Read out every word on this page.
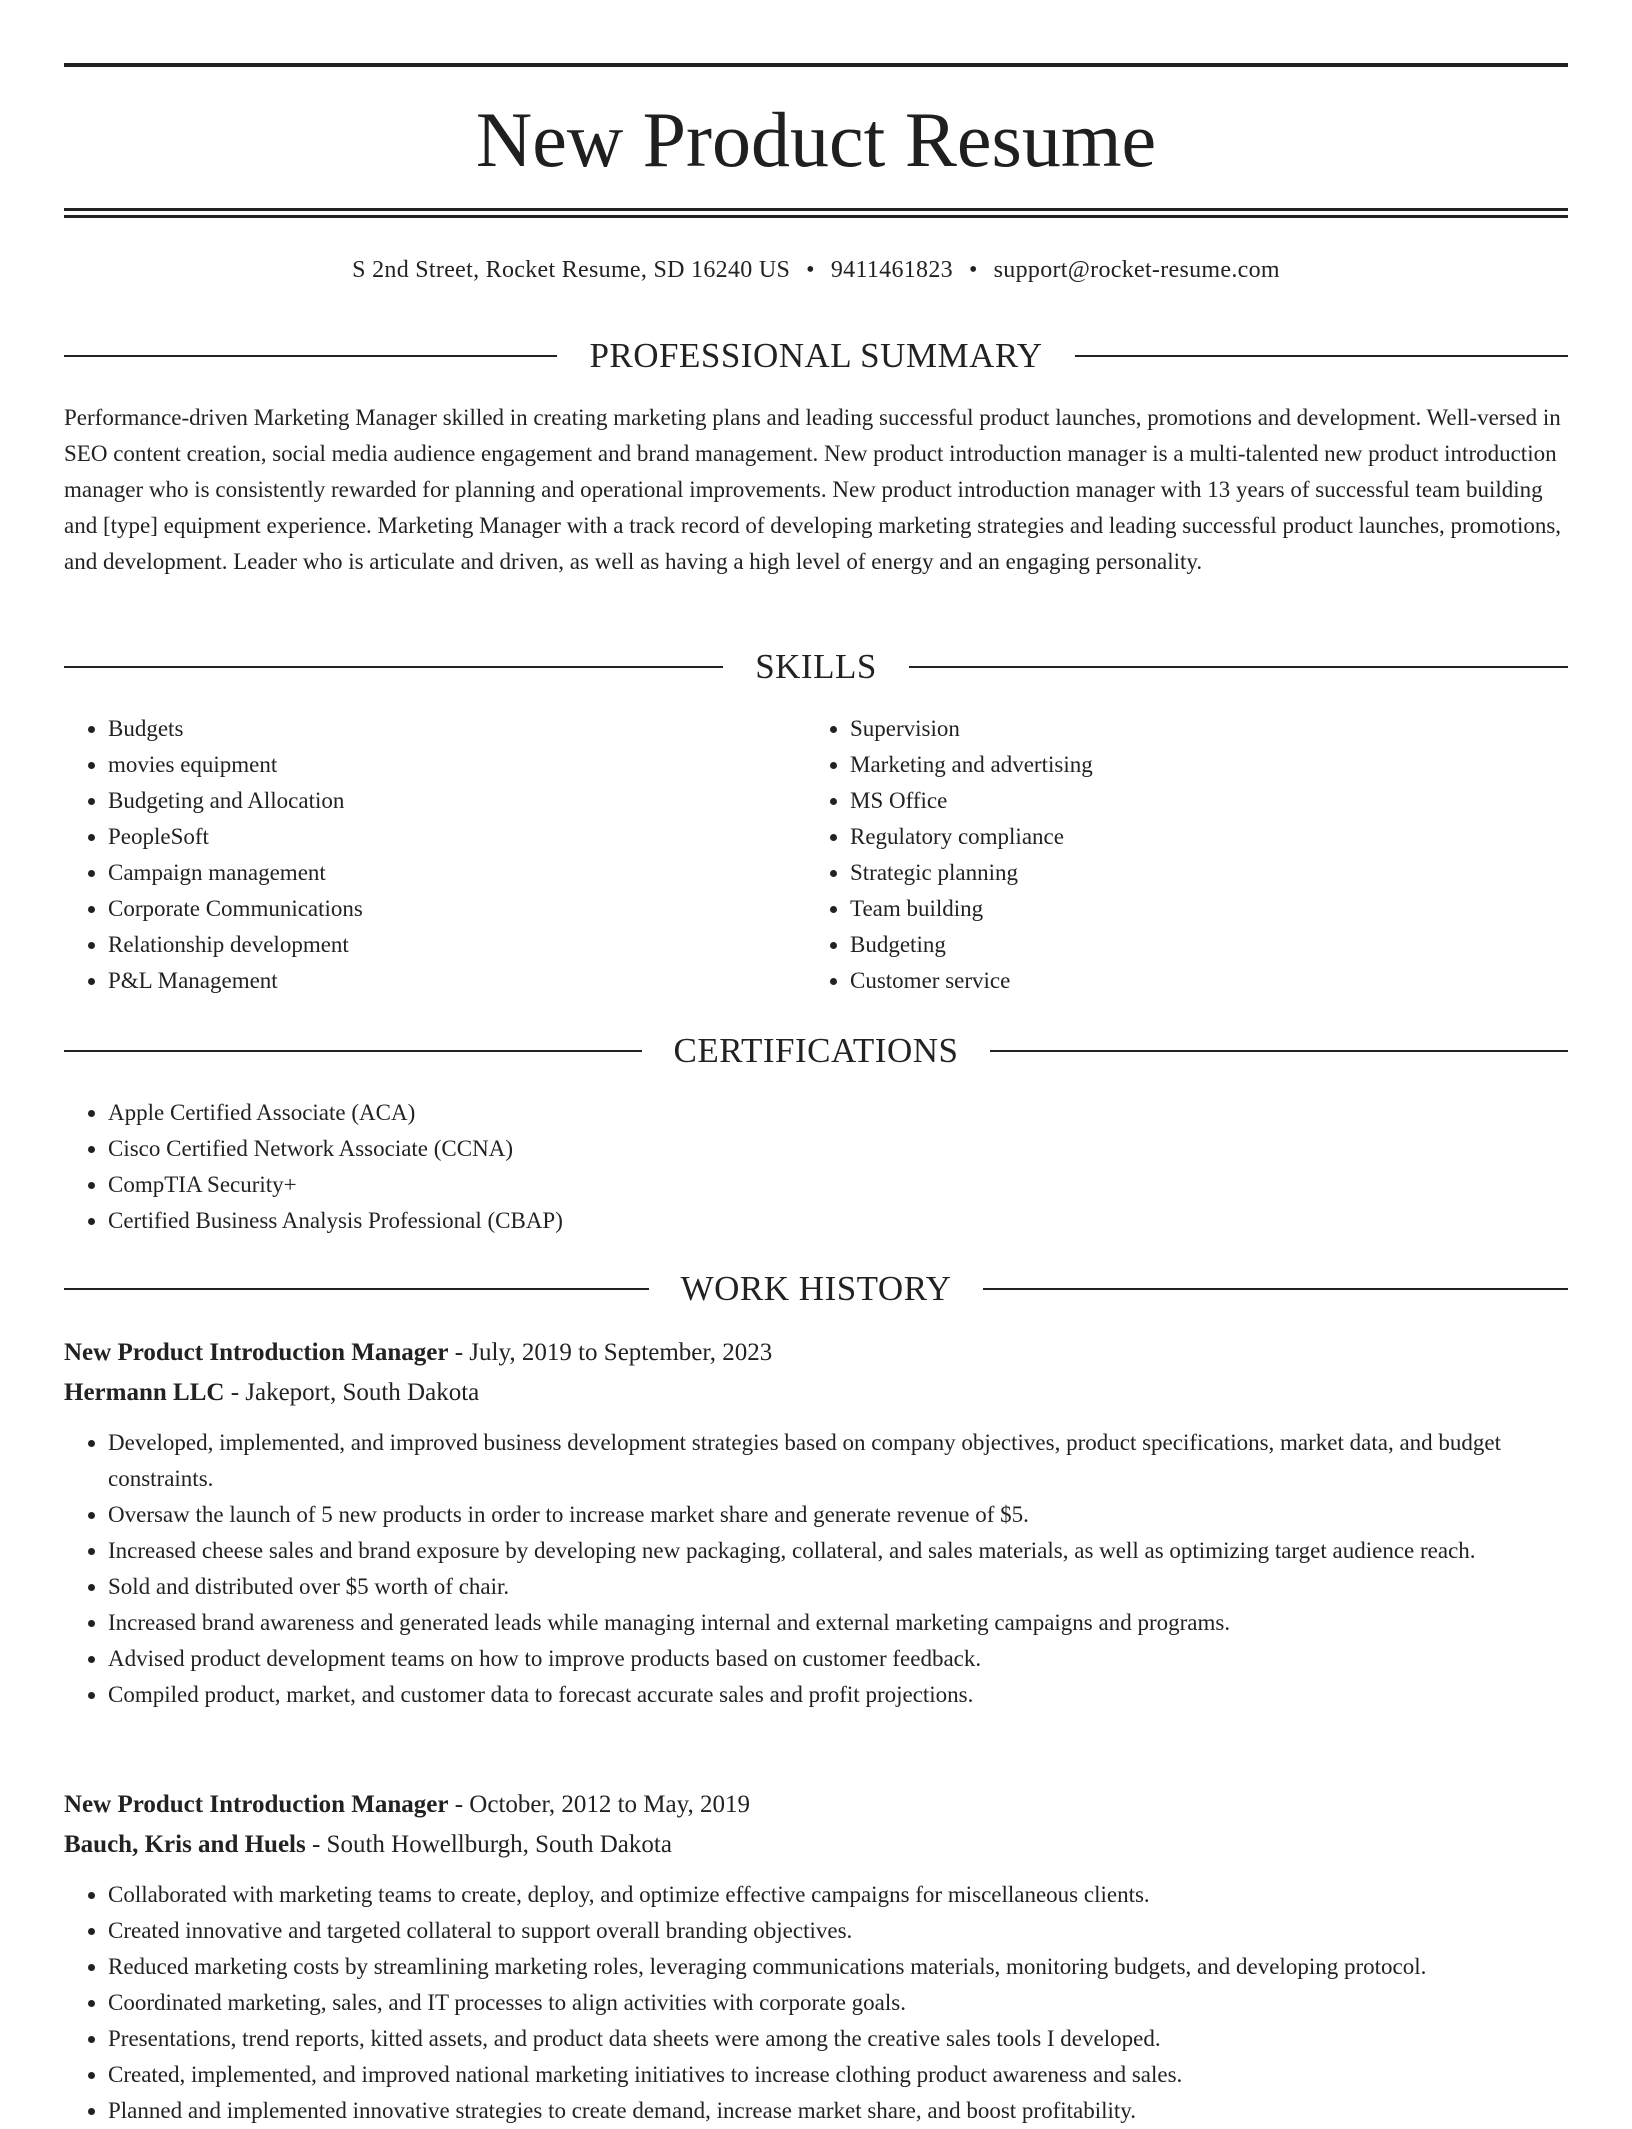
New Product Resume
S 2nd Street, Rocket Resume, SD 16240 US • 9411461823 • support@rocket-resume.com
PROFESSIONAL SUMMARY

Performance-driven Marketing Manager skilled in creating marketing plans and leading successful product launches, promotions and development. Well-versed in SEO content creation, social media audience engagement and brand management. New product introduction manager is a multi-talented new product introduction manager who is consistently rewarded for planning and operational improvements. New product introduction manager with 13 years of successful team building and [type] equipment experience. Marketing Manager with a track record of developing marketing strategies and leading successful product launches, promotions, and development. Leader who is articulate and driven, as well as having a high level of energy and an engaging personality.

SKILLS
• Budgets
• movies equipment
• Budgeting and Allocation
• PeopleSoft
• Campaign management
• Corporate Communications
• Relationship development
• P&L Management
• Supervision
• Marketing and advertising
• MS Office
• Regulatory compliance
• Strategic planning
• Team building
• Budgeting
• Customer service
CERTIFICATIONS
• Apple Certified Associate (ACA)
• Cisco Certified Network Associate (CCNA)
• CompTIA Security+
• Certified Business Analysis Professional (CBAP)
WORK HISTORY

New Product Introduction Manager - July, 2019 to September, 2023

Hermann LLC - Jakeport, South Dakota

• Developed, implemented, and improved business development strategies based on company objectives, product specifications, market data, and budget constraints.
• Oversaw the launch of 5 new products in order to increase market share and generate revenue of $5.
• Increased cheese sales and brand exposure by developing new packaging, collateral, and sales materials, as well as optimizing target audience reach.
• Sold and distributed over $5 worth of chair.
• Increased brand awareness and generated leads while managing internal and external marketing campaigns and programs.
• Advised product development teams on how to improve products based on customer feedback.
• Compiled product, market, and customer data to forecast accurate sales and profit projections.

New Product Introduction Manager - October, 2012 to May, 2019

Bauch, Kris and Huels - South Howellburgh, South Dakota

• Collaborated with marketing teams to create, deploy, and optimize effective campaigns for miscellaneous clients.
• Created innovative and targeted collateral to support overall branding objectives.
• Reduced marketing costs by streamlining marketing roles, leveraging communications materials, monitoring budgets, and developing protocol.
• Coordinated marketing, sales, and IT processes to align activities with corporate goals.
• Presentations, trend reports, kitted assets, and product data sheets were among the creative sales tools I developed.
• Created, implemented, and improved national marketing initiatives to increase clothing product awareness and sales.
• Planned and implemented innovative strategies to create demand, increase market share, and boost profitability.
